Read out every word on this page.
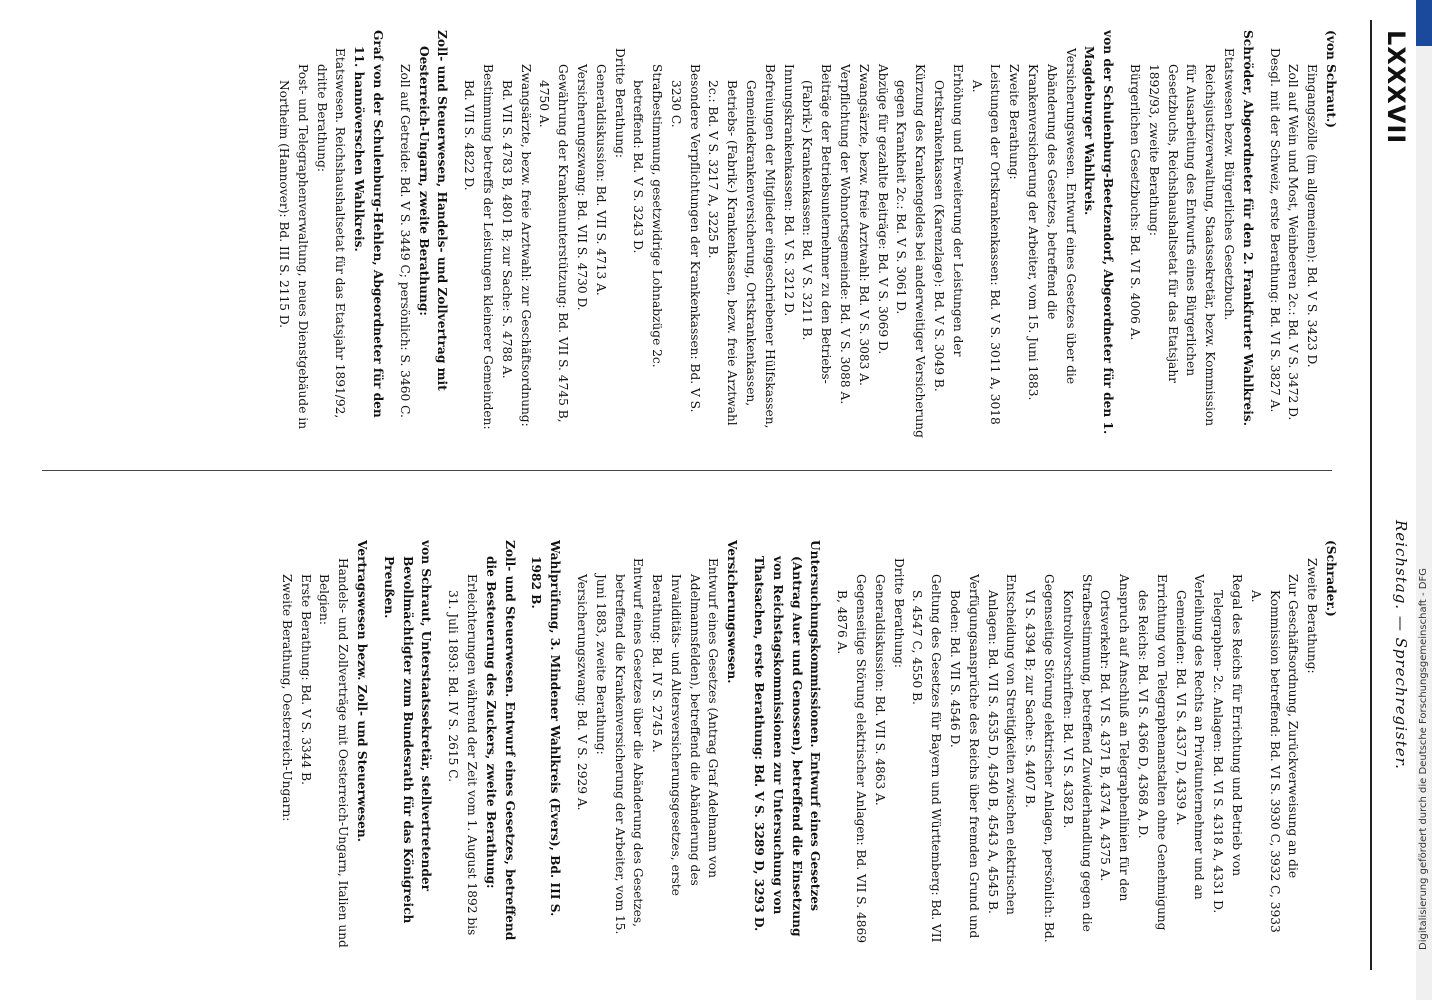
LXXXVII
Reichstag. — Sprechregister.

(von Schraut.)

Eingangszölle (im allgemeinen): Bd. V S. 3423 D.

Zoll auf Wein und Most, Weinbeeren 2c.: Bd. V S. 3472 D.

Desgl. mit der Schweiz, erste Berathung: Bd. VI S. 3827 A.

Schröder, Abgeordneter für den 2. Frankfurter Wahlkreis.

Etatswesen bezw. Bürgerliches Gesetzbuch. Reichsjustizverwaltung, Staatssekretär, bezw. Kommission für Ausarbeitung des Entwurfs eines Bürgerlichen Gesetzbuchs, Reichshaushaltsetat für das Etatsjahr 1892/93, zweite Berathung:

Bürgerlichen Gesetzbuchs: Bd. VI S. 4006 A.

von der Schulenburg-Beetzendorf, Abgeordneter für den 1. Magdeburger Wahlkreis.

Versicherungswesen. Entwurf eines Gesetzes über die Abänderung des Gesetzes, betreffend die Krankenversicherung der Arbeiter, vom 15. Juni 1883. Zweite Berathung:

Leistungen der Ortskrankenkassen: Bd. V S. 3011 A, 3018 A.

Erhöhung und Erweiterung der Leistungen der Ortskrankenkassen (Karenzlage): Bd. V S. 3049 B.

Kürzung des Krankengeldes bei anderweitiger Versicherung gegen Krankheit 2c.: Bd. V S. 3061 D.

Abzüge für gezahlte Beiträge: Bd. V S. 3069 D.

Zwangsärzte, bezw. freie Arztwahl: Bd. V S. 3083 A.

Verpflichtung der Wohnortsgemeinde: Bd. V S. 3088 A.

Beiträge der Betriebsunternehmer zu den Betriebs- (Fabrik-) Krankenkassen: Bd. V S. 3211 B.

Innungskrankenkassen: Bd. V S. 3212 D.

Befreiungen der Mitglieder eingeschriebener Hülfskassen, Gemeindekrankenversicherung, Ortskrankenkassen, Betriebs- (Fabrik-) Krankenkassen, bezw. freie Arztwahl 2c.: Bd. V S. 3217 A, 3225 B.

Besondere Verpflichtungen der Krankenkassen: Bd. V S. 3230 C.

Strafbestimmung, gesetzwidrige Lohnabzüge 2c. betreffend: Bd. V S. 3243 D.

Dritte Berathung:

Generaldiskussion: Bd. VII S. 4713 A.

Versicherungszwang: Bd. VII S. 4730 D.

Gewährung der Krankenunterstützung: Bd. VII S. 4745 B, 4750 A.

Zwangsärzte, bezw. freie Arztwahl: zur Geschäftsordnung: Bd. VII S. 4783 B, 4801 B; zur Sache: S. 4788 A.

Bestimmung betreffs der Leistungen kleinerer Gemeinden: Bd. VII S. 4822 D.

Zoll- und Steuerwesen, Handels- und Zollvertrag mit Oesterreich-Ungarn, zweite Berathung:

Zoll auf Getreide: Bd. V S. 3449 C; persönlich: S. 3460 C.

Graf von der Schulenburg-Hehlen, Abgeordneter für den 11. hannöverschen Wahlkreis.

Etatswesen. Reichshaushaltsetat für das Etatsjahr 1891/92, dritte Berathung:

Post- und Telegraphenverwaltung, neues Dienstgebäude in Northeim (Hannover): Bd. III S. 2115 D.

(Schrader.)

Zweite Berathung:

Zur Geschäftsordnung, Zurückverweisung an die Kommission betreffend: Bd. VI S. 3930 C, 3932 C, 3933 A.

Regal des Reichs für Errichtung und Betrieb von Telegraphen- 2c. Anlagen: Bd. VI S. 4318 A, 4331 D.

Verleihung des Rechts an Privatunternehmer und an Gemeinden: Bd. VI S. 4337 D, 4339 A.

Errichtung von Telegraphenanstalten ohne Genehmigung des Reichs: Bd. VI S. 4366 D, 4368 A, D.

Anspruch auf Anschluß an Telegraphenlinien für den Ortsverkehr: Bd. VI S. 4371 B, 4374 A, 4375 A.

Strafbestimmung, betreffend Zuwiderhandlung gegen die Kontrollvorschriften: Bd. VI S. 4382 B.

Gegenseitige Störung elektrischer Anlagen, persönlich: Bd. VI S. 4394 B; zur Sache: S. 4407 B.

Entscheidung von Streitigkeiten zwischen elektrischen Anlagen: Bd. VII S. 4535 D, 4540 B, 4543 A, 4545 B.

Verfügungsansprüche des Reichs über fremden Grund und Boden: Bd. VII S. 4546 D.

Geltung des Gesetzes für Bayern und Württemberg: Bd. VII S. 4547 C, 4550 B.

Dritte Berathung:

Generaldiskussion: Bd. VII S. 4863 A.

Gegenseitige Störung elektrischer Anlagen: Bd. VII S. 4869 B, 4876 A.

Untersuchungskommissionen. Entwurf eines Gesetzes (Antrag Auer und Genossen), betreffend die Einsetzung von Reichstagskommissionen zur Untersuchung von Thatsachen, erste Berathung: Bd. V S. 3289 D, 3293 D.

Versicherungswesen.

Entwurf eines Gesetzes (Antrag Graf Adelmann von Adelmannsfelden), betreffend die Abänderung des Invaliditäts- und Altersversicherungsgesetzes, erste Berathung: Bd. IV S. 2745 A.

Entwurf eines Gesetzes über die Abänderung des Gesetzes, betreffend die Krankenversicherung der Arbeiter, vom 15. Juni 1883, zweite Berathung:

Versicherungszwang: Bd. V S. 2929 A.

Wahlprüfung, 3. Mindener Wahlkreis (Evers), Bd. III S. 1982 B.

Zoll- und Steuerwesen. Entwurf eines Gesetzes, betreffend die Besteuerung des Zuckers, zweite Berathung:

Erleichterungen während der Zeit vom 1. August 1892 bis 31. Juli 1893: Bd. IV S. 2615 C.

von Schraut, Unterstaatssekretär, stellvertretender Bevollmächtigter zum Bundesrath für das Königreich Preußen.

Vertragswesen bezw. Zoll- und Steuerwesen.

Handels- und Zollverträge mit Oesterreich-Ungarn, Italien und Belgien:

Erste Berathung: Bd. V S. 3344 B.

Zweite Berathung, Oesterreich-Ungarn:	Digitalisierung gefördert durch die Deutsche Forschungsgemeinschaft - DFG
